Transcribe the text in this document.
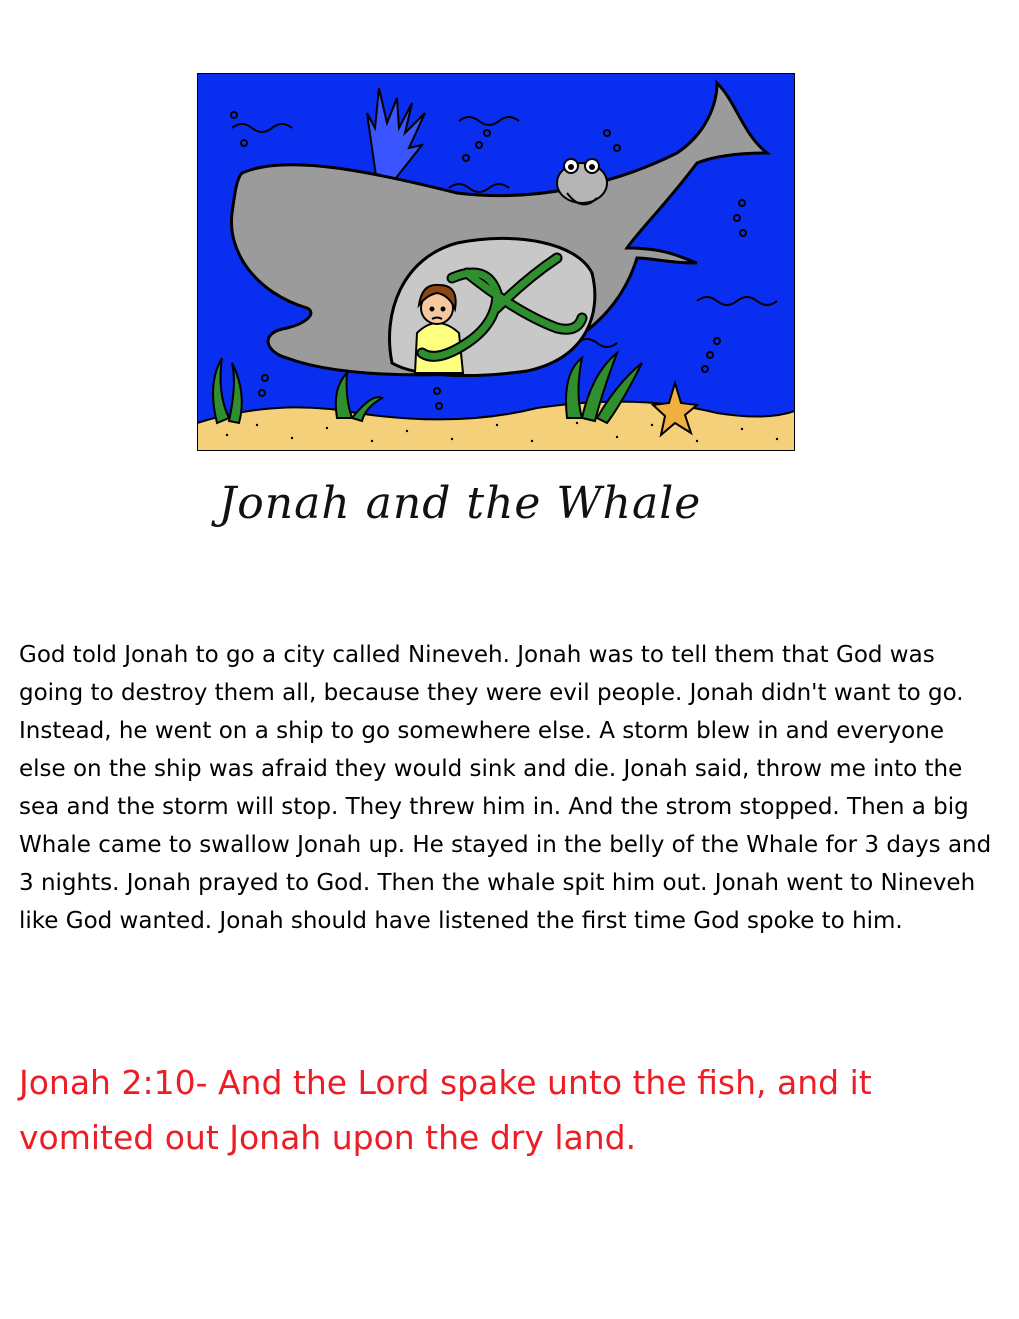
Jonah and the Whale

God told Jonah to go a city called Nineveh. Jonah was to tell them that God was going to destroy them all, because they were evil people. Jonah didn't want to go. Instead, he went on a ship to go somewhere else. A storm blew in and everyone else on the ship was afraid they would sink and die. Jonah said, throw me into the sea and the storm will stop. They threw him in. And the strom stopped. Then a big Whale came to swallow Jonah up. He stayed in the belly of the Whale for 3 days and 3 nights. Jonah prayed to God. Then the whale spit him out. Jonah went to Nineveh like God wanted. Jonah should have listened the first time God spoke to him.

Jonah 2:10- And the Lord spake unto the fish, and it vomited out Jonah upon the dry land.
